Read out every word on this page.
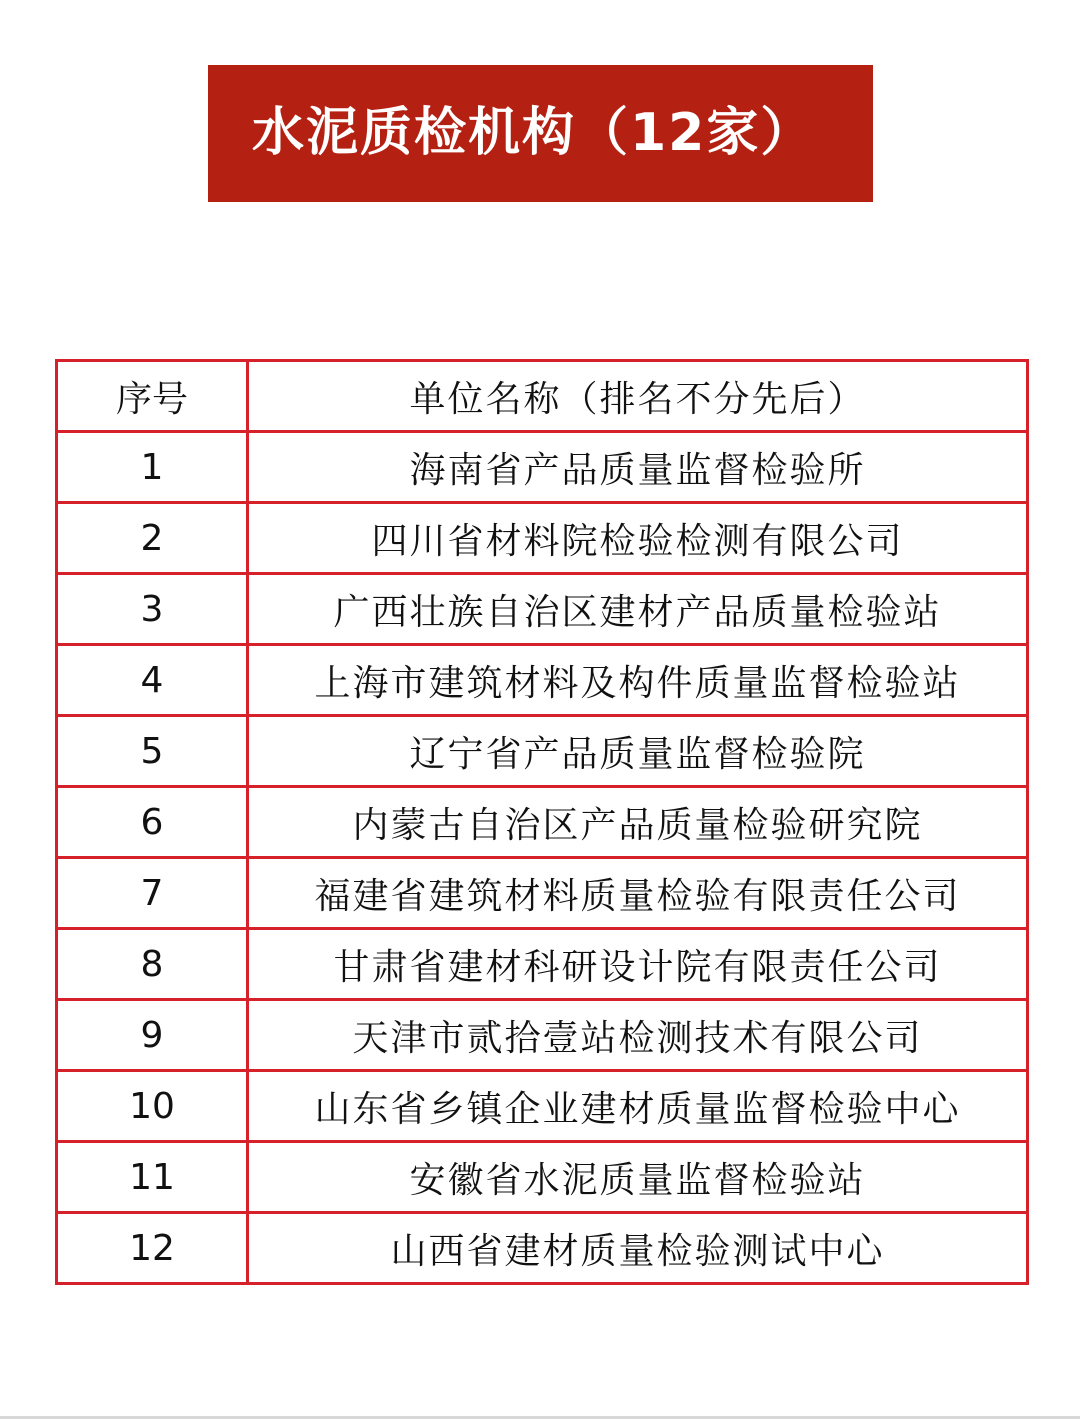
水泥质检机构（12家）
序号	单位名称（排名不分先后）
1	海南省产品质量监督检验所
2	四川省材料院检验检测有限公司
3	广西壮族自治区建材产品质量检验站
4	上海市建筑材料及构件质量监督检验站
5	辽宁省产品质量监督检验院
6	内蒙古自治区产品质量检验研究院
7	福建省建筑材料质量检验有限责任公司
8	甘肃省建材科研设计院有限责任公司
9	天津市贰拾壹站检测技术有限公司
10	山东省乡镇企业建材质量监督检验中心
11	安徽省水泥质量监督检验站
12	山西省建材质量检验测试中心
